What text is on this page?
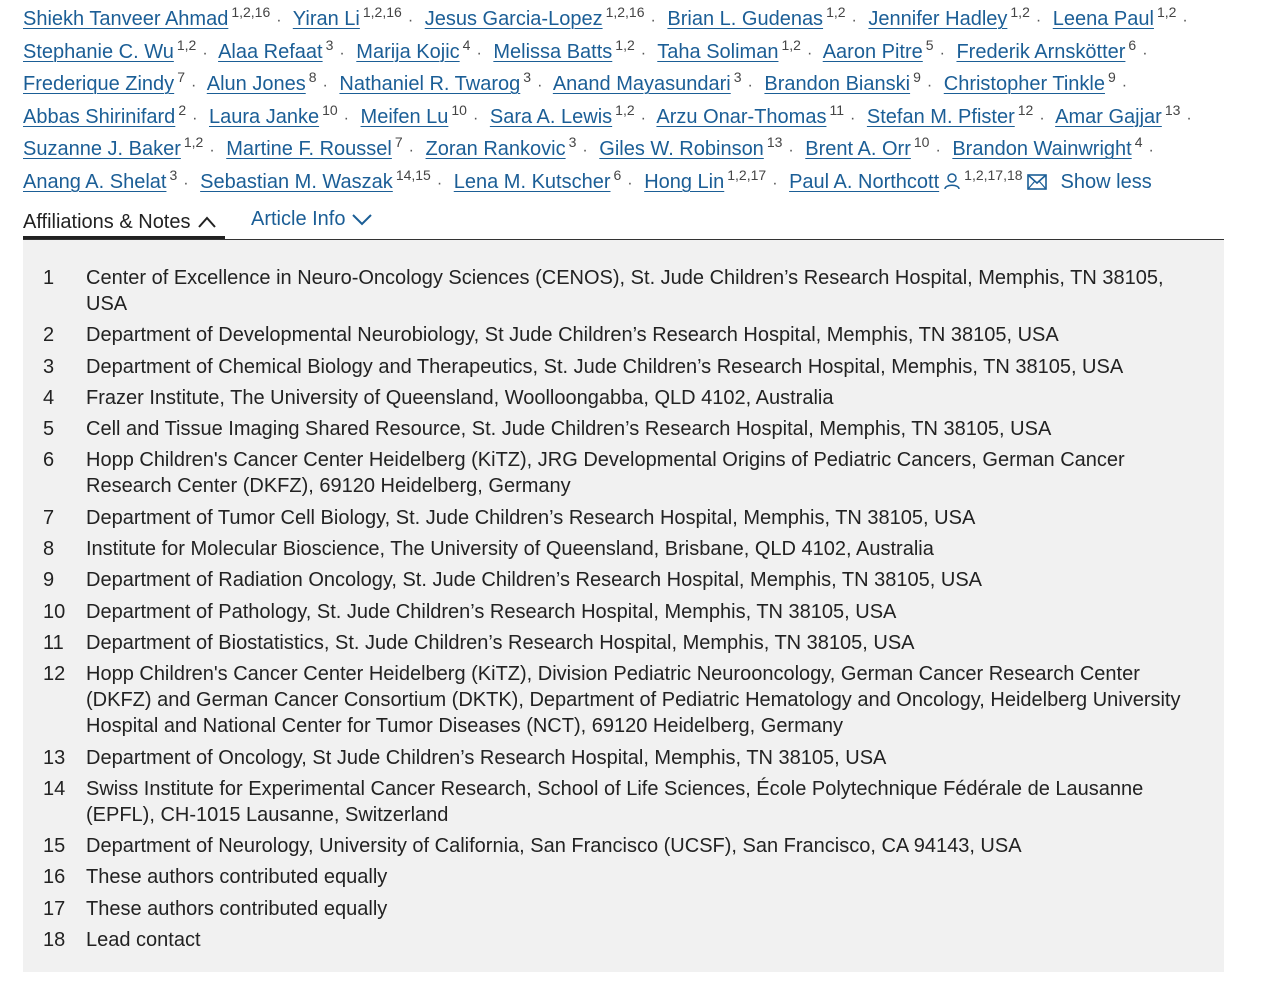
Shiekh Tanveer Ahmad $^{1,2,16}$ · Yiran Li $^{1,2,16}$ · Jesus Garcia-Lopez $^{1,2,16}$ · Brian L. Gudenas $^{1,2}$ · Jennifer Hadley $^{1,2}$ · Leena Paul $^{1,2}$ · Stephanie C. Wu $^{1,2}$ · Alaa Refaat $^3$ · Marija Kojic $^4$ · Melissa Batts $^{1,2}$ · Taha Soliman $^{1,2}$ · Aaron Pitre $^5$ · Frederik Arnskötter $^6$ · Frederique Zindy $^7$ · Alun Jones $^8$ · Nathaniel R. Twarog $^3$ · Anand Mayasundari $^3$ · Brandon Bianski $^9$ · Christopher Tinkle $^9$ · Abbas Shirinifard $^2$ · Laura Janke $^{10}$ · Meifen Lu $^{10}$ · Sara A. Lewis $^{1,2}$ · Arzu Onar-Thomas $^{11}$ · Stefan M. Pfister $^{12}$ · Amar Gajjar $^{13}$ · Suzanne J. Baker $^{1,2}$ · Martine F. Roussel $^7$ · Zoran Rankovic $^3$ · Giles W. Robinson $^{13}$ · Brent A. Orr $^{10}$ · Brandon Wainwright $^4$ · Anang A. Shelat $^3$ · Sebastian M. Waszak $^{14,15}$ · Lena M. Kutscher $^6$ · Hong Lin $^{1,2,17}$ · Paul A. Northcott $^{1,2,17,18}$ Show less
Affiliations & Notes	Article Info
1	Center of Excellence in Neuro-Oncology Sciences (CENOS), St. Jude Children’s Research Hospital, Memphis, TN 38105, USA
2	Department of Developmental Neurobiology, St Jude Children’s Research Hospital, Memphis, TN 38105, USA
3	Department of Chemical Biology and Therapeutics, St. Jude Children’s Research Hospital, Memphis, TN 38105, USA
4	Frazer Institute, The University of Queensland, Woolloongabba, QLD 4102, Australia
5	Cell and Tissue Imaging Shared Resource, St. Jude Children’s Research Hospital, Memphis, TN 38105, USA
6	Hopp Children's Cancer Center Heidelberg (KiTZ), JRG Developmental Origins of Pediatric Cancers, German Cancer Research Center (DKFZ), 69120 Heidelberg, Germany
7	Department of Tumor Cell Biology, St. Jude Children’s Research Hospital, Memphis, TN 38105, USA
8	Institute for Molecular Bioscience, The University of Queensland, Brisbane, QLD 4102, Australia
9	Department of Radiation Oncology, St. Jude Children’s Research Hospital, Memphis, TN 38105, USA
10	Department of Pathology, St. Jude Children’s Research Hospital, Memphis, TN 38105, USA
11	Department of Biostatistics, St. Jude Children’s Research Hospital, Memphis, TN 38105, USA
12	Hopp Children's Cancer Center Heidelberg (KiTZ), Division Pediatric Neurooncology, German Cancer Research Center (DKFZ) and German Cancer Consortium (DKTK), Department of Pediatric Hematology and Oncology, Heidelberg University Hospital and National Center for Tumor Diseases (NCT), 69120 Heidelberg, Germany
13	Department of Oncology, St Jude Children’s Research Hospital, Memphis, TN 38105, USA
14	Swiss Institute for Experimental Cancer Research, School of Life Sciences, École Polytechnique Fédérale de Lausanne (EPFL), CH-1015 Lausanne, Switzerland
15	Department of Neurology, University of California, San Francisco (UCSF), San Francisco, CA 94143, USA
16	These authors contributed equally
17	These authors contributed equally
18	Lead contact
